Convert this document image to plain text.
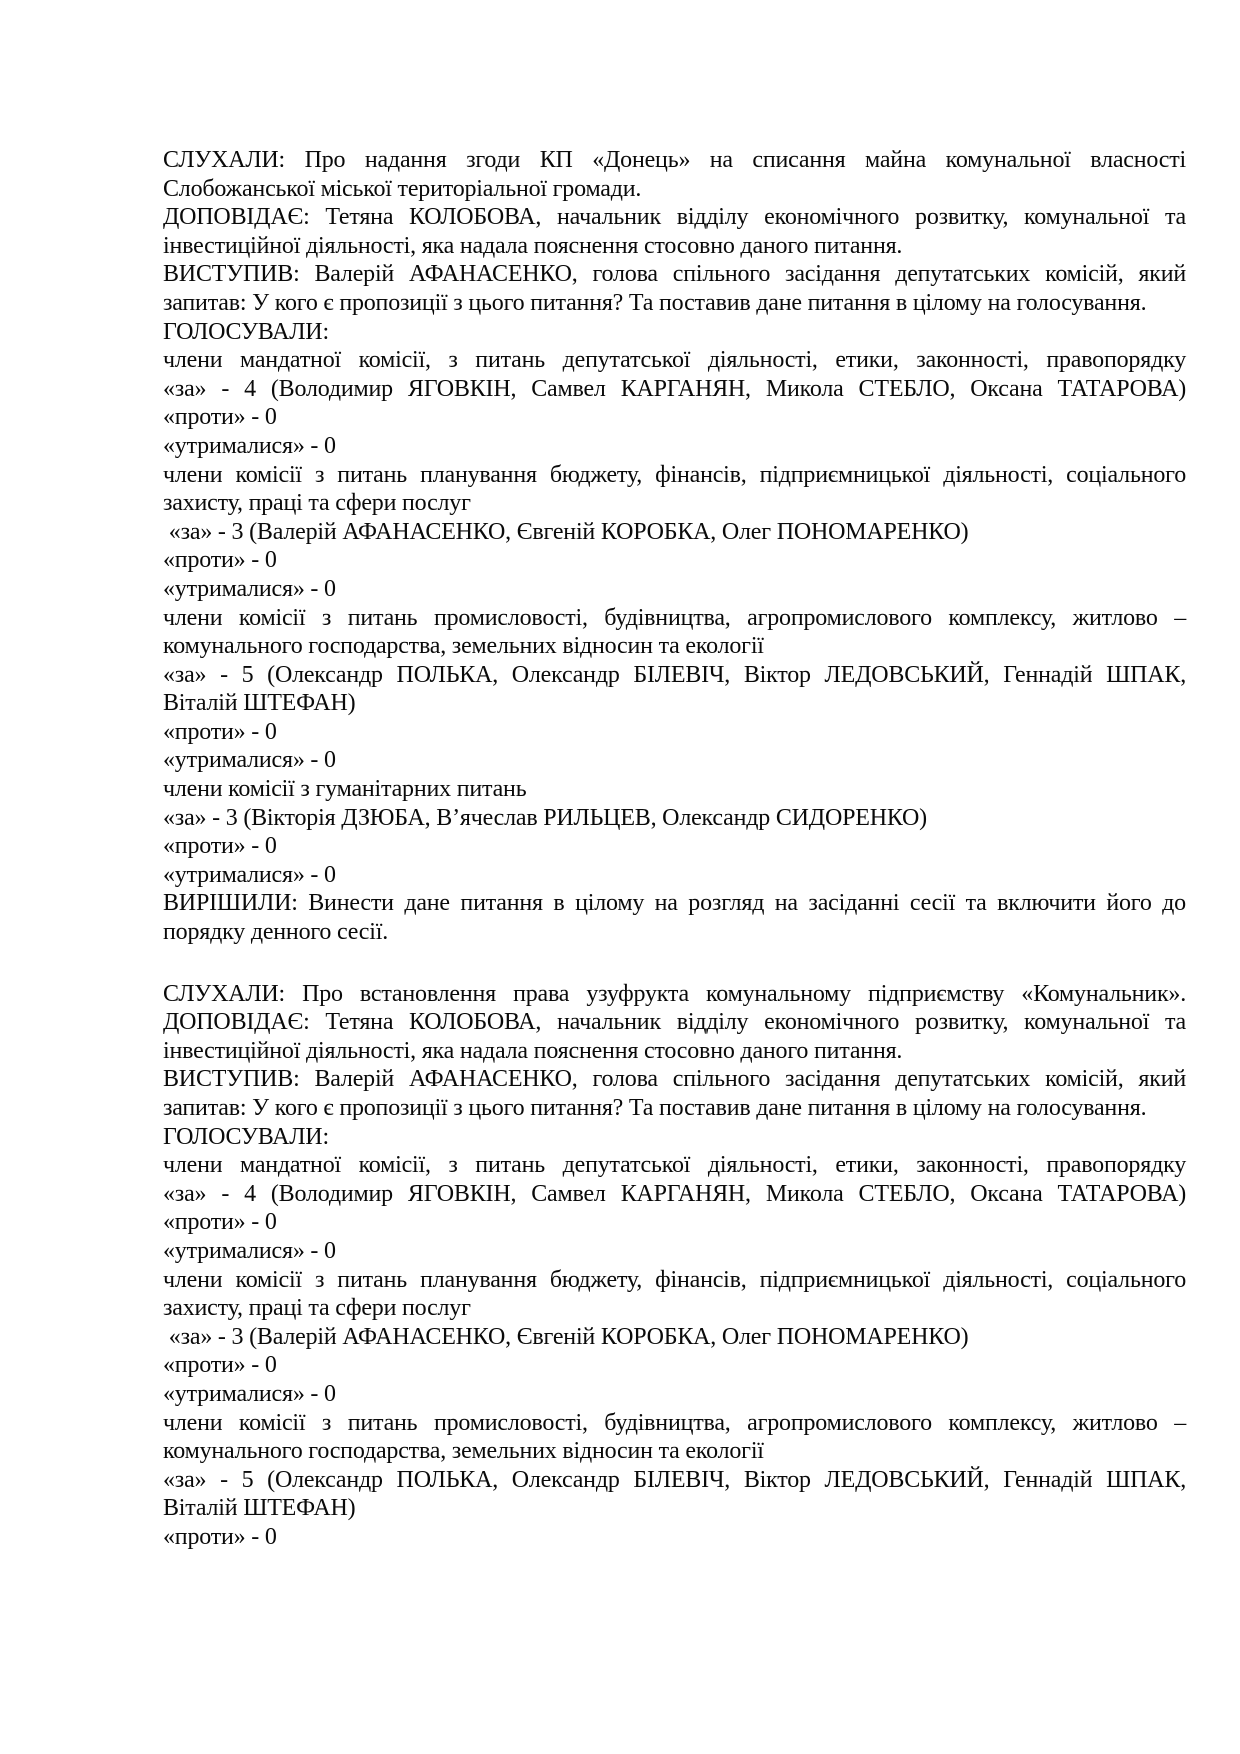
СЛУХАЛИ: Про надання згоди КП «Донець» на списання майна комунальної власності Слобожанської міської територіальної громади.

ДОПОВІДАЄ: Тетяна КОЛОБОВА, начальник відділу економічного розвитку, комунальної та інвестиційної діяльності, яка надала пояснення стосовно даного питання.

ВИСТУПИВ: Валерій АФАНАСЕНКО, голова спільного засідання депутатських комісій, який запитав: У кого є пропозиції з цього питання? Та поставив дане питання в цілому на голосування.

ГОЛОСУВАЛИ:

члени мандатної комісії, з питань депутатської діяльності, етики, законності, правопорядку

«за» - 4 (Володимир ЯГОВКІН, Самвел КАРГАНЯН, Микола СТЕБЛО, Оксана ТАТАРОВА)

«проти» - 0

«утрималися» - 0

члени комісії з питань планування бюджету, фінансів, підприємницької діяльності, соціального захисту, праці та сфери послуг

«за» - 3 (Валерій АФАНАСЕНКО, Євгеній КОРОБКА, Олег ПОНОМАРЕНКО)

«проти» - 0

«утрималися» - 0

члени комісії з питань промисловості, будівництва, агропромислового комплексу, житлово – комунального господарства, земельних відносин та екології

«за» - 5 (Олександр ПОЛЬКА, Олександр БІЛЕВІЧ, Віктор ЛЕДОВСЬКИЙ, Геннадій ШПАК, Віталій ШТЕФАН)

«проти» - 0

«утрималися» - 0

члени комісії з гуманітарних питань

«за» - 3 (Вікторія ДЗЮБА, В’ячеслав РИЛЬЦЕВ, Олександр СИДОРЕНКО)

«проти» - 0

«утрималися» - 0

ВИРІШИЛИ: Винести дане питання в цілому на розгляд на засіданні сесії та включити його до порядку денного сесії.

СЛУХАЛИ: Про встановлення права узуфрукта комунальному підприємству «Комунальник».

ДОПОВІДАЄ: Тетяна КОЛОБОВА, начальник відділу економічного розвитку, комунальної та інвестиційної діяльності, яка надала пояснення стосовно даного питання.

ВИСТУПИВ: Валерій АФАНАСЕНКО, голова спільного засідання депутатських комісій, який запитав: У кого є пропозиції з цього питання? Та поставив дане питання в цілому на голосування.

ГОЛОСУВАЛИ:

члени мандатної комісії, з питань депутатської діяльності, етики, законності, правопорядку

«за» - 4 (Володимир ЯГОВКІН, Самвел КАРГАНЯН, Микола СТЕБЛО, Оксана ТАТАРОВА)

«проти» - 0

«утрималися» - 0

члени комісії з питань планування бюджету, фінансів, підприємницької діяльності, соціального захисту, праці та сфери послуг

«за» - 3 (Валерій АФАНАСЕНКО, Євгеній КОРОБКА, Олег ПОНОМАРЕНКО)

«проти» - 0

«утрималися» - 0

члени комісії з питань промисловості, будівництва, агропромислового комплексу, житлово – комунального господарства, земельних відносин та екології

«за» - 5 (Олександр ПОЛЬКА, Олександр БІЛЕВІЧ, Віктор ЛЕДОВСЬКИЙ, Геннадій ШПАК, Віталій ШТЕФАН)

«проти» - 0
